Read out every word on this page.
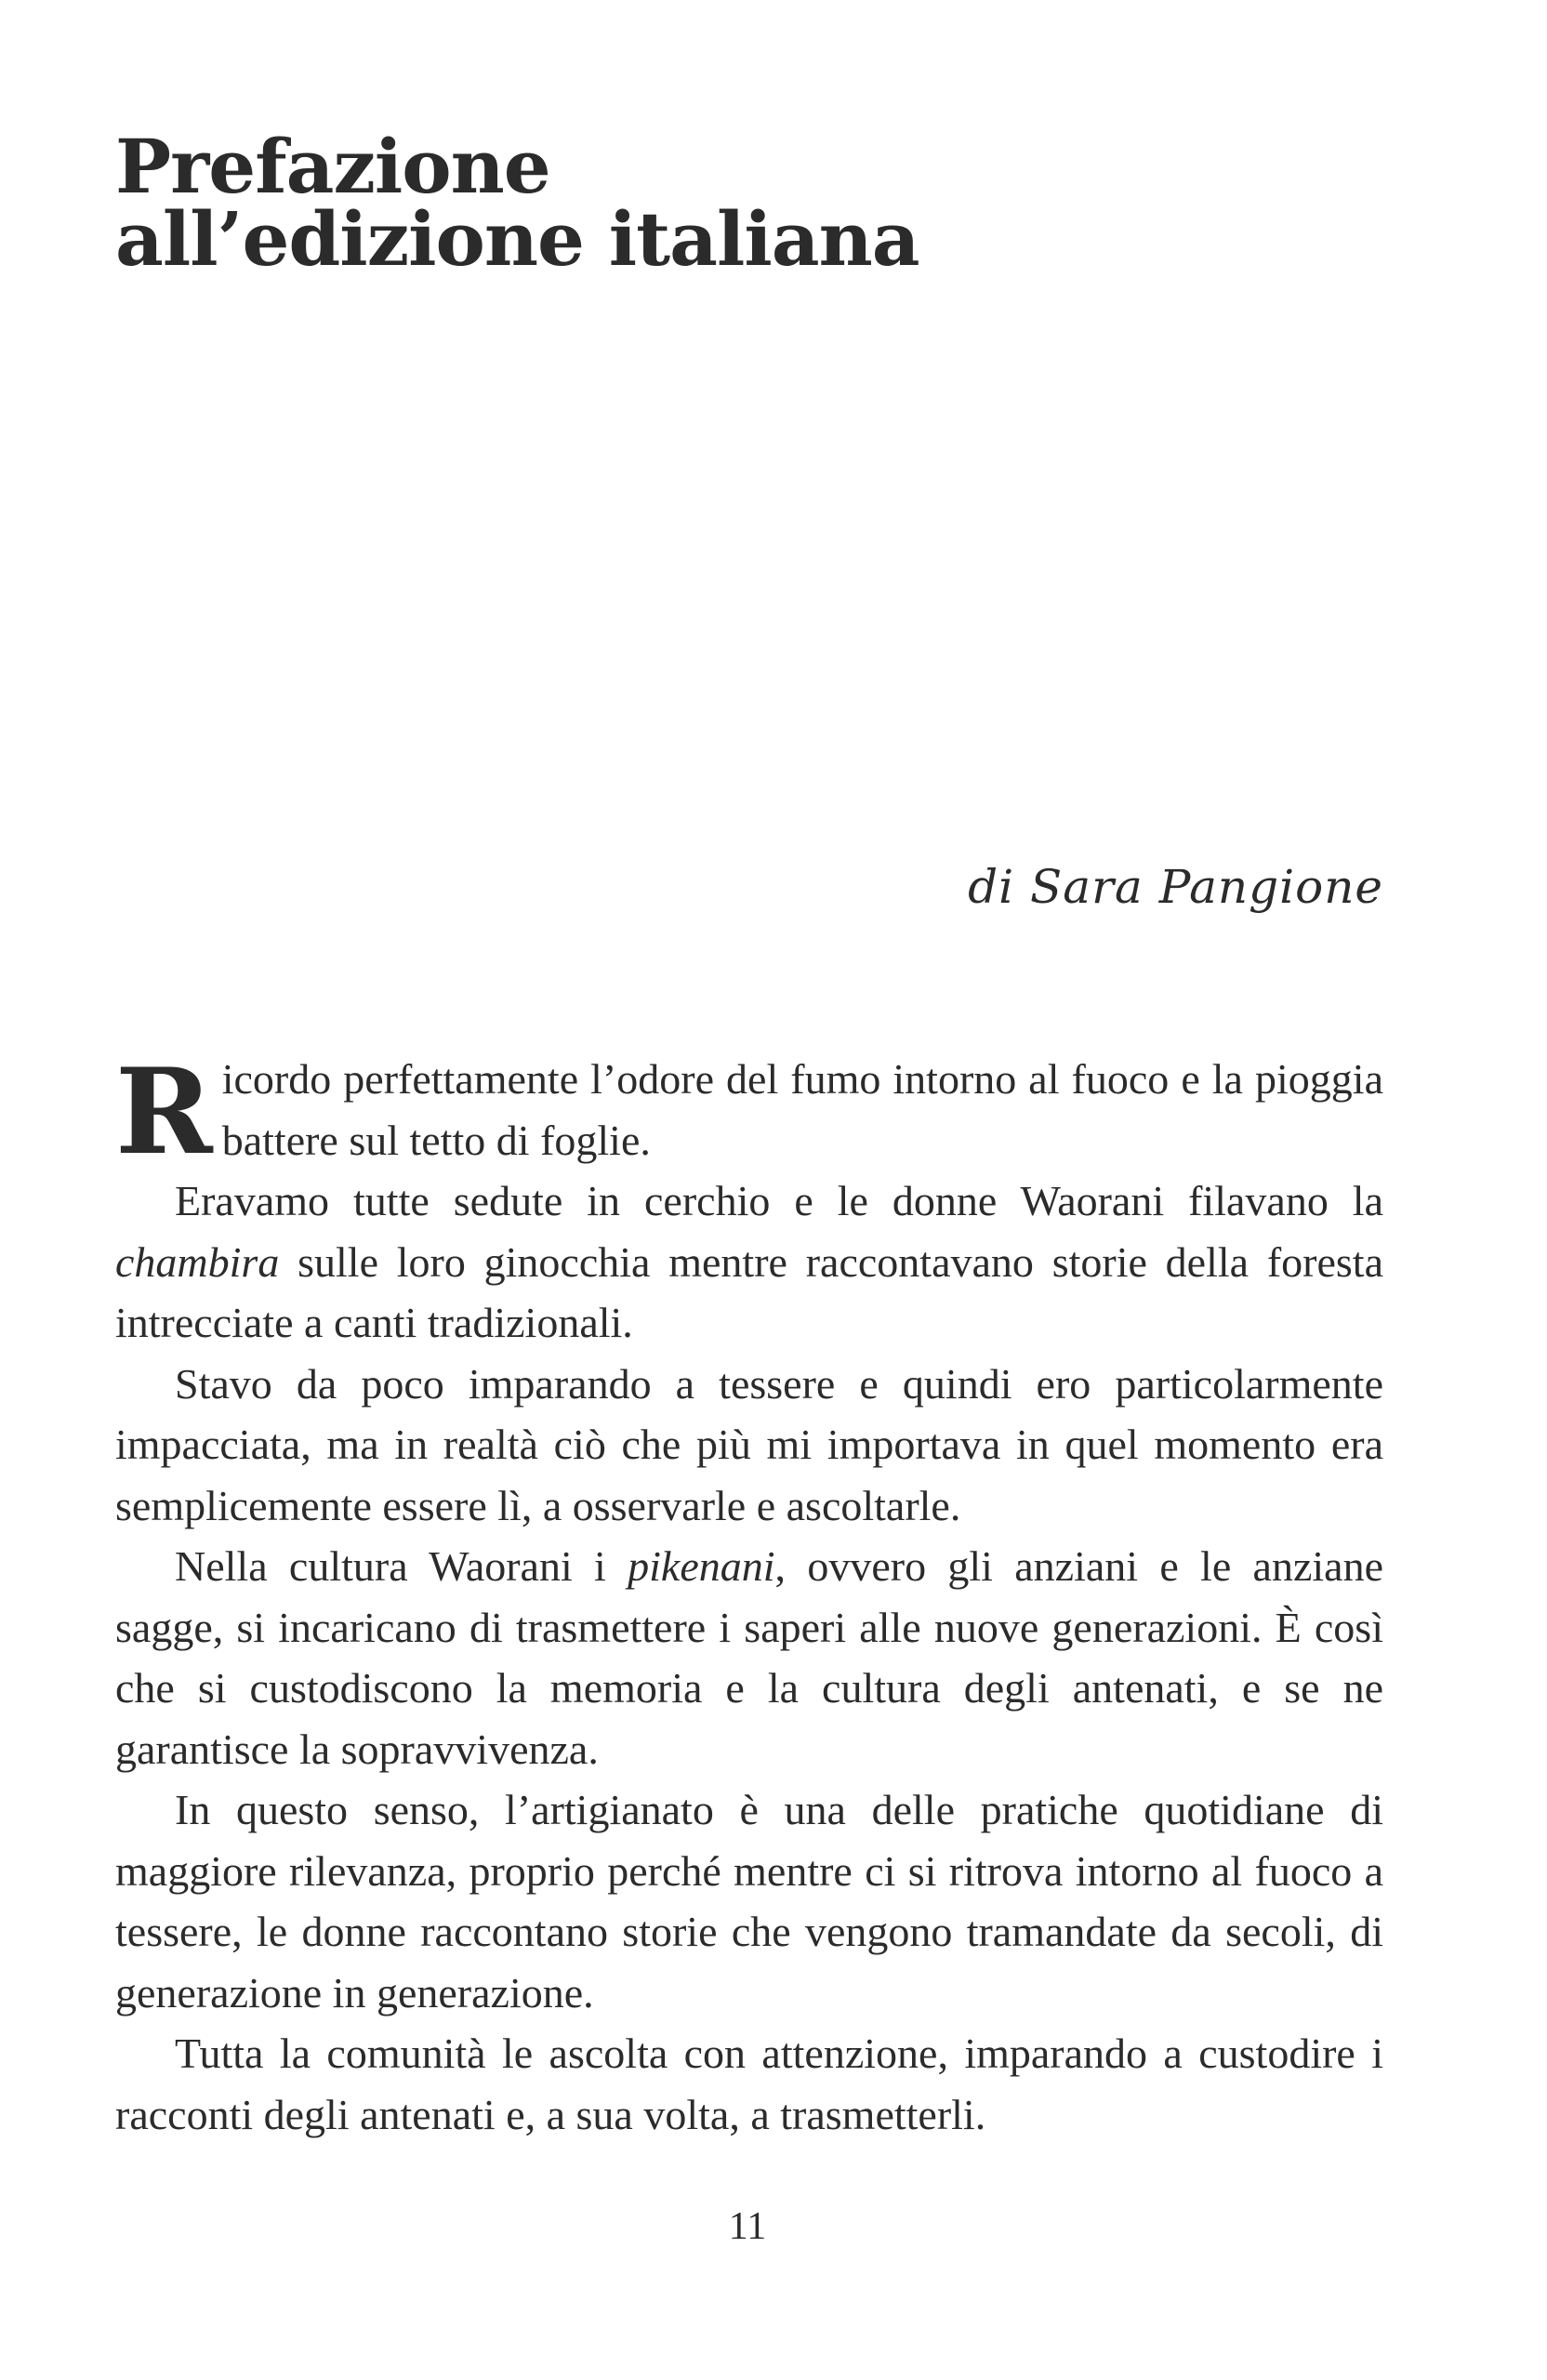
Prefazione
all’edizione italiana

di Sara Pangione

Ricordo perfettamente l’odore del fumo intorno al fuoco e la pioggia battere sul tetto di foglie.

Eravamo tutte sedute in cerchio e le donne Waorani filavano la chambira sulle loro ginocchia mentre raccontavano storie della foresta intrecciate a canti tradizionali.

Stavo da poco imparando a tessere e quindi ero particolarmente impacciata, ma in realtà ciò che più mi importava in quel momento era semplicemente essere lì, a osservarle e ascoltarle.

Nella cultura Waorani i pikenani, ovvero gli anziani e le anziane sagge, si incaricano di trasmettere i saperi alle nuove generazioni. È così che si custodiscono la memoria e la cultura degli antenati, e se ne garantisce la sopravvivenza.

In questo senso, l’artigianato è una delle pratiche quotidiane di maggiore rilevanza, proprio perché mentre ci si ritrova intorno al fuoco a tessere, le donne raccontano storie che vengono tramandate da secoli, di generazione in generazione.

Tutta la comunità le ascolta con attenzione, imparando a custodire i racconti degli antenati e, a sua volta, a trasmetterli.

11
